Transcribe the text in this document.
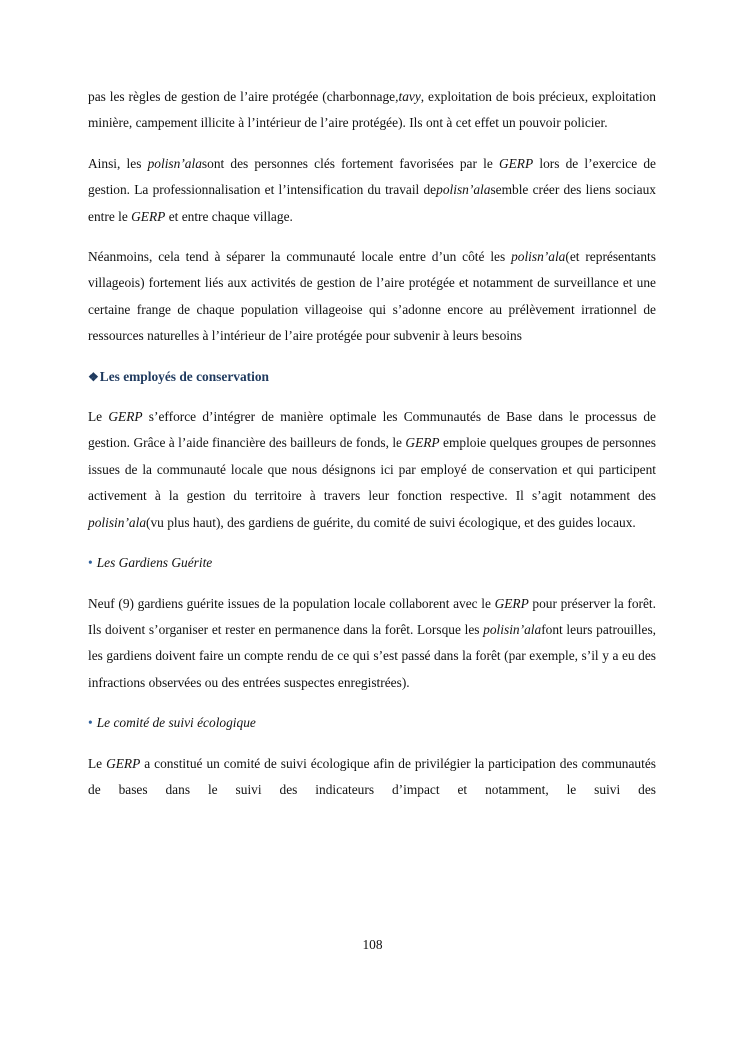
pas les règles de gestion de l’aire protégée (charbonnage,tavy, exploitation de bois précieux, exploitation minière, campement illicite à l’intérieur de l’aire protégée). Ils ont à cet effet un pouvoir policier.

Ainsi, les polisn’alasont des personnes clés fortement favorisées par le GERP lors de l’exercice de gestion. La professionnalisation et l’intensification du travail depolisn’alasemble créer des liens sociaux entre le GERP et entre chaque village.

Néanmoins, cela tend à séparer la communauté locale entre d’un côté les polisn’ala(et représentants villageois) fortement liés aux activités de gestion de l’aire protégée et notamment de surveillance et une certaine frange de chaque population villageoise qui s’adonne encore au prélèvement irrationnel de ressources naturelles à l’intérieur de l’aire protégée pour subvenir à leurs besoins

❖Les employés de conservation

Le GERP s’efforce d’intégrer de manière optimale les Communautés de Base dans le processus de gestion. Grâce à l’aide financière des bailleurs de fonds, le GERP emploie quelques groupes de personnes issues de la communauté locale que nous désignons ici par employé de conservation et qui participent activement à la gestion du territoire à travers leur fonction respective. Il s’agit notamment des polisin’ala(vu plus haut), des gardiens de guérite, du comité de suivi écologique, et des guides locaux.

• Les Gardiens Guérite

Neuf (9) gardiens guérite issues de la population locale collaborent avec le GERP pour préserver la forêt. Ils doivent s’organiser et rester en permanence dans la forêt. Lorsque les polisin’alafont leurs patrouilles, les gardiens doivent faire un compte rendu de ce qui s’est passé dans la forêt (par exemple, s’il y a eu des infractions observées ou des entrées suspectes enregistrées).

• Le comité de suivi écologique

Le GERP a constitué un comité de suivi écologique afin de privilégier la participation des communautés de bases dans le suivi des indicateurs d’impact et notamment, le suivi des

108
